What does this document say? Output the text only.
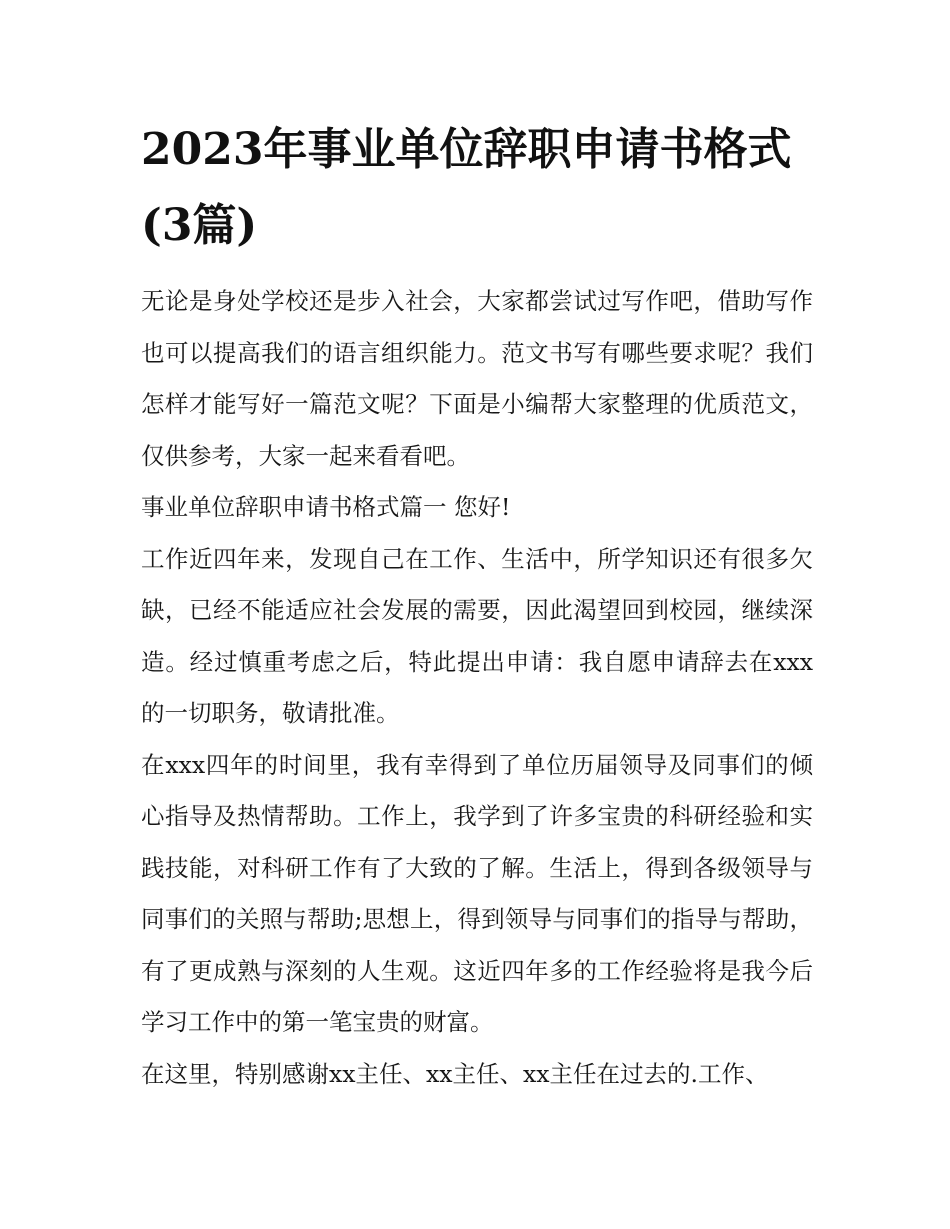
2023年事业单位辞职申请书格式(3篇)

无论是身处学校还是步入社会，大家都尝试过写作吧，借助写作也可以提高我们的语言组织能力。范文书写有哪些要求呢？我们怎样才能写好一篇范文呢？下面是小编帮大家整理的优质范文，仅供参考，大家一起来看看吧。

事业单位辞职申请书格式篇一 您好!

工作近四年来，发现自己在工作、生活中，所学知识还有很多欠缺，已经不能适应社会发展的需要，因此渴望回到校园，继续深造。经过慎重考虑之后，特此提出申请：我自愿申请辞去在xxx的一切职务，敬请批准。

在xxx四年的时间里，我有幸得到了单位历届领导及同事们的倾心指导及热情帮助。工作上，我学到了许多宝贵的科研经验和实践技能，对科研工作有了大致的了解。生活上，得到各级领导与同事们的关照与帮助;思想上，得到领导与同事们的指导与帮助，有了更成熟与深刻的人生观。这近四年多的工作经验将是我今后学习工作中的第一笔宝贵的财富。

在这里，特别感谢xx主任、xx主任、xx主任在过去的.工作、
